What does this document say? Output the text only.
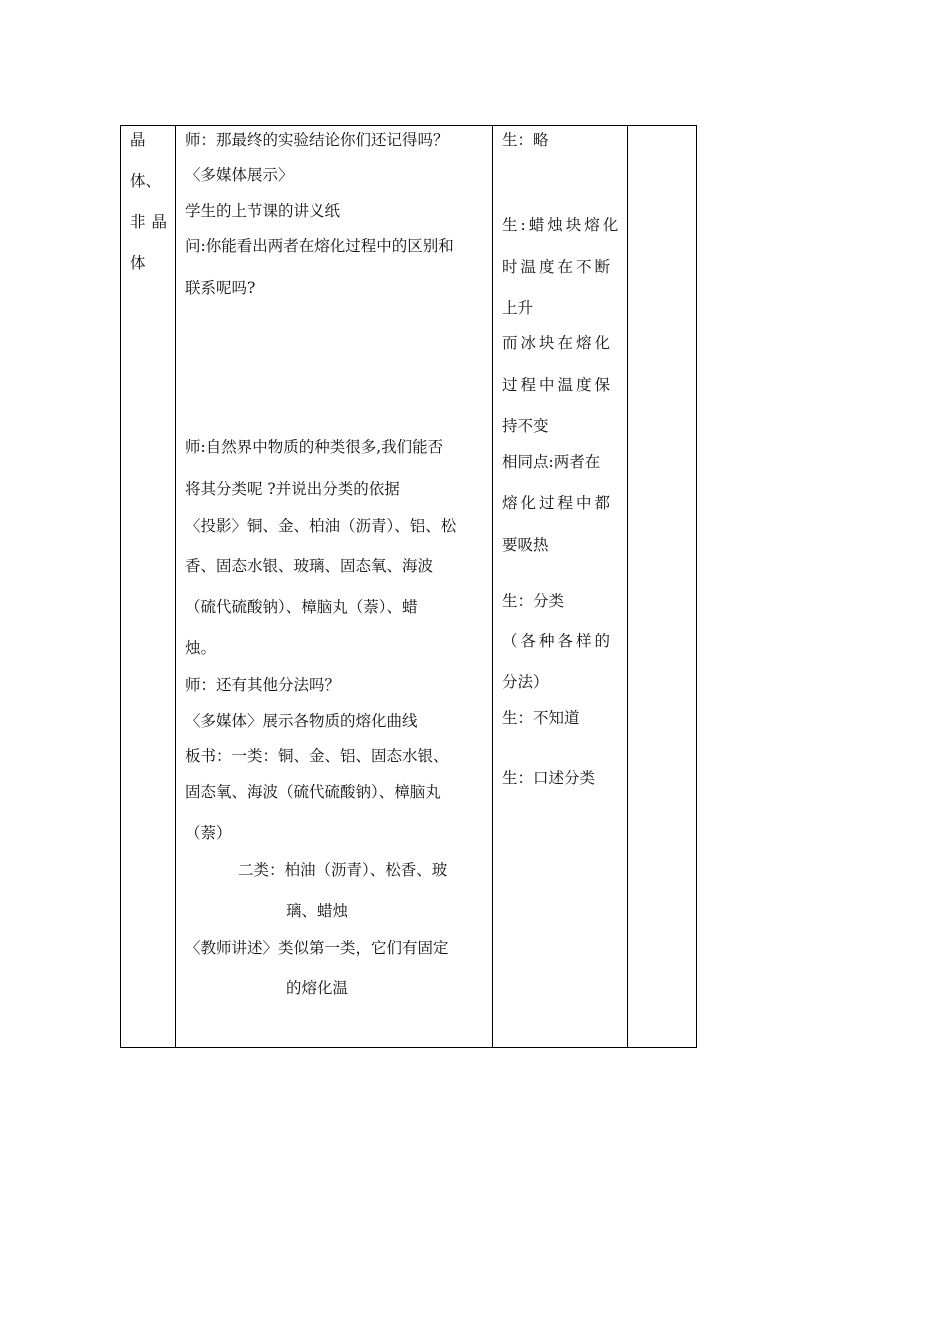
晶
体、
非晶
体
师：那最终的实验结论你们还记得吗？
〈多媒体展示〉
学生的上节课的讲义纸
问:你能看出两者在熔化过程中的区别和
联系呢吗?
师:自然界中物质的种类很多,我们能否
将其分类呢 ?并说出分类的依据
〈投影〉铜、金、柏油（沥青）、铝、松
香、固态水银、玻璃、固态氧、海波
（硫代硫酸钠）、樟脑丸（萘）、蜡
烛。
师：还有其他分法吗？
〈多媒体〉展示各物质的熔化曲线
板书：一类：铜、金、铝、固态水银、
固态氧、海波（硫代硫酸钠）、樟脑丸
（萘）
二类：柏油（沥青）、松香、玻
璃、蜡烛
〈教师讲述〉类似第一类，它们有固定
的熔化温
生：略
生:蜡烛块熔化
时温度在不断
上升
而冰块在熔化
过程中温度保
持不变
相同点:两者在
熔化过程中都
要吸热
生：分类
（各种各样的
分法）
生：不知道
生：口述分类
